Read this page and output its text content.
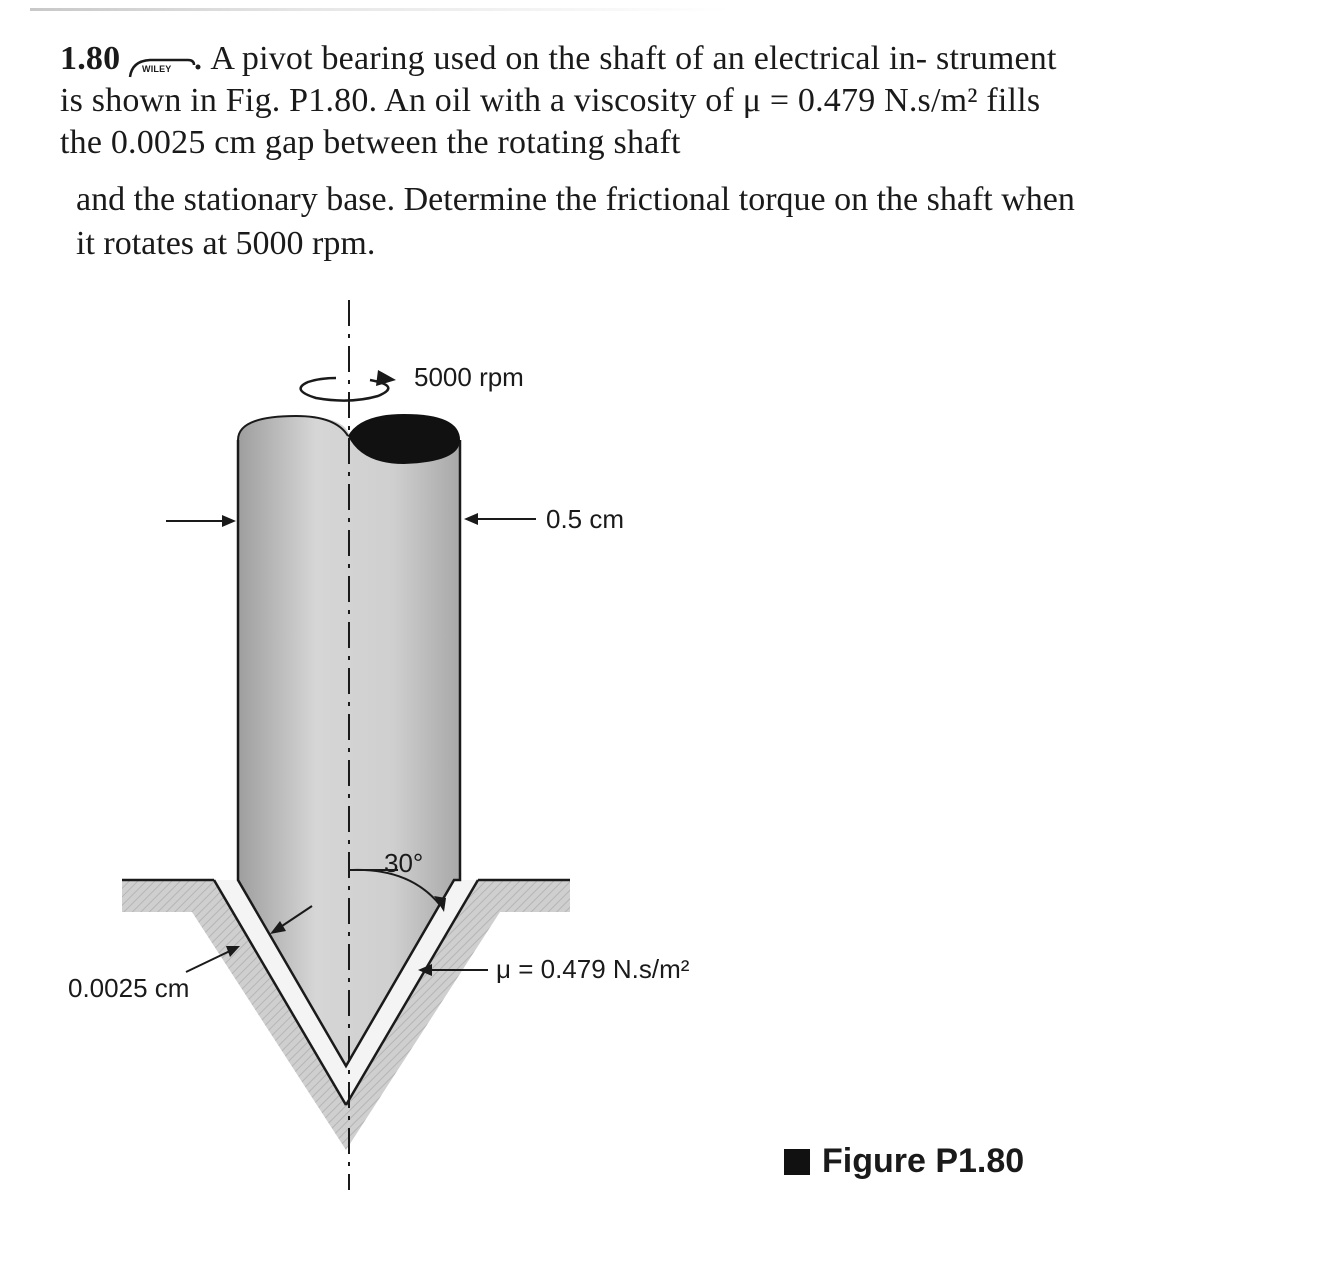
1.80 WILEY A pivot bearing used on the shaft of an electrical in- strument is shown in Fig. P1.80. An oil with a viscosity of μ = 0.479 N.s/m² fills the 0.0025 cm gap between the rotating shaft
and the stationary base. Determine the frictional torque on the shaft when it rotates at 5000 rpm.
5000 rpm
0.5 cm
30°
μ = 0.479 N.s/m²
0.0025 cm
Figure P1.80
